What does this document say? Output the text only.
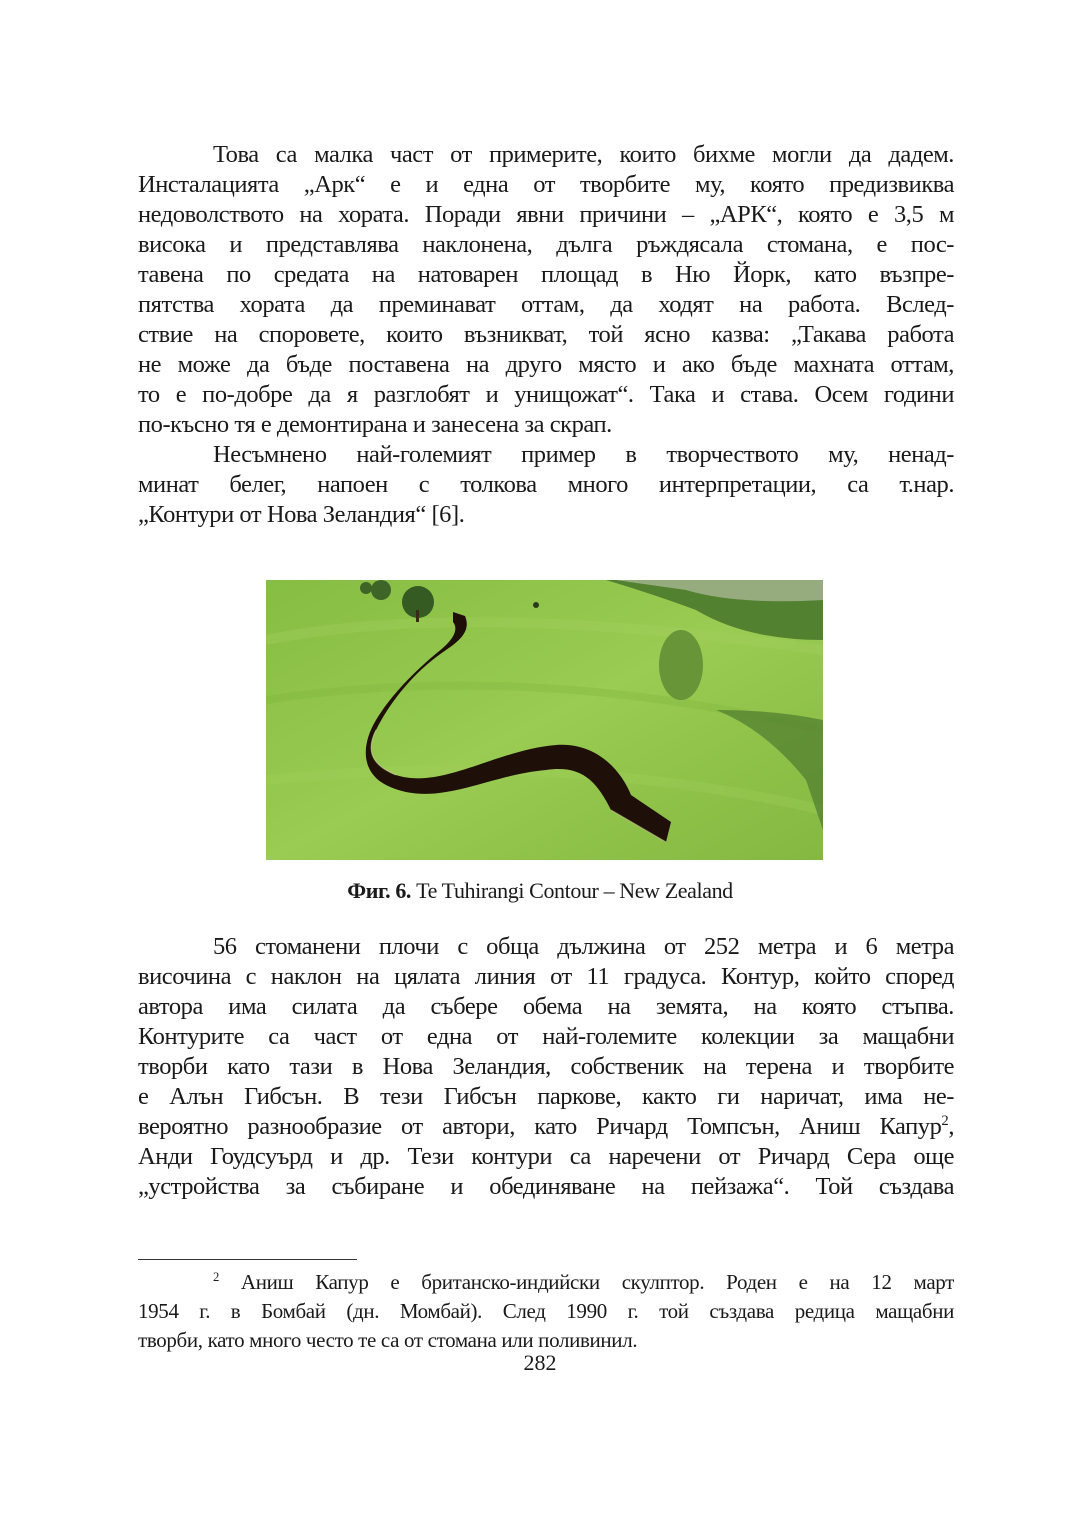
Това са малка част от примерите, които бихме могли да дадем.
Инсталацията „Арк“ е и една от творбите му, която предизвиква
недоволството на хората. Поради явни причини – „АРК“, която е 3,5 м
висока и представлява наклонена, дълга ръждясала стомана, е пос-
тавена по средата на натоварен площад в Ню Йорк, като възпре-
пятства хората да преминават оттам, да ходят на работа. Вслед-
ствие на споровете, които възникват, той ясно казва: „Такава работа
не може да бъде поставена на друго място и ако бъде махната оттам,
то е по-добре да я разглобят и унищожат“. Така и става. Осем години
по-късно тя е демонтирана и занесена за скрап.
Несъмнено най-големият пример в творчеството му, ненад-
минат белег, напоен с толкова много интерпретации, са т.нар.
„Контури от Нова Зеландия“ [6].
Фиг. 6. Te Tuhirangi Contour – New Zealand
56 стоманени плочи с обща дължина от 252 метра и 6 метра
височина с наклон на цялата линия от 11 градуса. Контур, който според
автора има силата да събере обема на земята, на която стъпва.
Контурите са част от една от най-големите колекции за мащабни
творби като тази в Нова Зеландия, собственик на терена и творбите
е Алън Гибсън. В тези Гибсън паркове, както ги наричат, има не-
вероятно разнообразие от автори, като Ричард Томпсън, Аниш Капур$^2$,
Анди Гоудсуърд и др. Тези контури са наречени от Ричард Сера още
„устройства за събиране и обединяване на пейзажа“. Той създава
$^2$ Аниш Капур е британско-индийски скулптор. Роден е на 12 март
1954 г. в Бомбай (дн. Момбай). След 1990 г. той създава редица мащабни
творби, като много често те са от стомана или поливинил.
282
